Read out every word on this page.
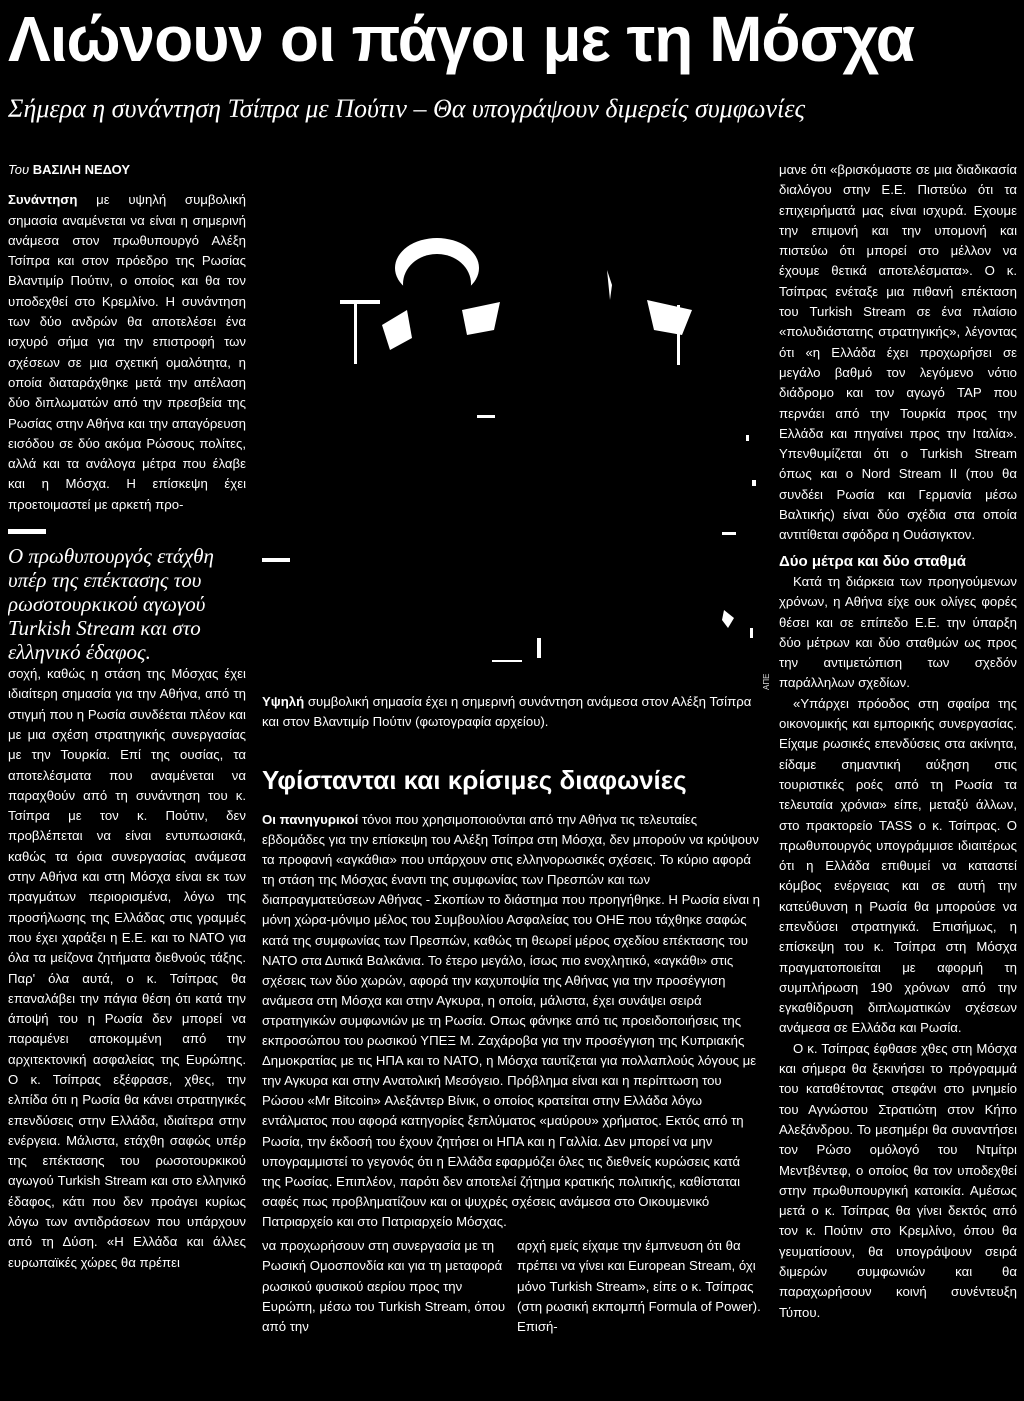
Λιώνουν οι πάγοι με τη Μόσχα
Σήμερα η συνάντηση Τσίπρα με Πούτιν – Θα υπογράψουν διμερείς συμφωνίες
Του ΒΑΣΙΛΗ ΝΕΔΟΥ

Συνάντηση με υψηλή συμβολική σημασία αναμένεται να είναι η σημερινή ανάμεσα στον πρωθυπουργό Αλέξη Τσίπρα και στον πρόεδρο της Ρωσίας Βλαντιμίρ Πούτιν, ο οποίος και θα τον υποδεχθεί στο Κρεμλίνο. Η συνάντηση των δύο ανδρών θα αποτελέσει ένα ισχυρό σήμα για την επιστροφή των σχέσεων σε μια σχετική ομαλότητα, η οποία διαταράχθηκε μετά την απέλαση δύο διπλωματών από την πρεσβεία της Ρωσίας στην Αθήνα και την απαγόρευση εισόδου σε δύο ακόμα Ρώσους πολίτες, αλλά και τα ανάλογα μέτρα που έλαβε και η Μόσχα. Η επίσκεψη έχει προετοιμαστεί με αρκετή προ-

Ο πρωθυπουργός ετάχθη υπέρ της επέκτασης του ρωσοτουρκικού αγωγού Turkish Stream και στο ελληνικό έδαφος.

σοχή, καθώς η στάση της Μόσχας έχει ιδιαίτερη σημασία για την Αθήνα, από τη στιγμή που η Ρωσία συνδέεται πλέον και με μια σχέση στρατηγικής συνεργασίας με την Τουρκία. Επί της ουσίας, τα αποτελέσματα που αναμένεται να παραχθούν από τη συνάντηση του κ. Τσίπρα με τον κ. Πούτιν, δεν προβλέπεται να είναι εντυπωσιακά, καθώς τα όρια συνεργασίας ανάμεσα στην Αθήνα και στη Μόσχα είναι εκ των πραγμάτων περιορισμένα, λόγω της προσήλωσης της Ελλάδας στις γραμμές που έχει χαράξει η Ε.Ε. και το ΝΑΤΟ για όλα τα μείζονα ζητήματα διεθνούς τάξης. Παρ' όλα αυτά, ο κ. Τσίπρας θα επαναλάβει την πάγια θέση ότι κατά την άποψή του η Ρωσία δεν μπορεί να παραμένει αποκομμένη από την αρχιτεκτονική ασφαλείας της Ευρώπης. Ο κ. Τσίπρας εξέφρασε, χθες, την ελπίδα ότι η Ρωσία θα κάνει στρατηγικές επενδύσεις στην Ελλάδα, ιδιαίτερα στην ενέργεια. Μάλιστα, ετάχθη σαφώς υπέρ της επέκτασης του ρωσοτουρκικού αγωγού Turkish Stream και στο ελληνικό έδαφος, κάτι που δεν προάγει κυρίως λόγω των αντιδράσεων που υπάρχουν από τη Δύση. «Η Ελλάδα και άλλες ευρωπαϊκές χώρες θα πρέπει

ΑΠΕ
Υψηλή συμβολική σημασία έχει η σημερινή συνάντηση ανάμεσα στον Αλέξη Τσίπρα και στον Βλαντιμίρ Πούτιν (φωτογραφία αρχείου).
Υφίστανται και κρίσιμες διαφωνίες
Οι πανηγυρικοί τόνοι που χρησιμοποιούνται από την Αθήνα τις τελευταίες εβδομάδες για την επίσκεψη του Αλέξη Τσίπρα στη Μόσχα, δεν μπορούν να κρύψουν τα προφανή «αγκάθια» που υπάρχουν στις ελληνορωσικές σχέσεις. Το κύριο αφορά τη στάση της Μόσχας έναντι της συμφωνίας των Πρεσπών και των διαπραγματεύσεων Αθήνας - Σκοπίων το διάστημα που προηγήθηκε. Η Ρωσία είναι η μόνη χώρα-μόνιμο μέλος του Συμβουλίου Ασφαλείας του ΟΗΕ που τάχθηκε σαφώς κατά της συμφωνίας των Πρεσπών, καθώς τη θεωρεί μέρος σχεδίου επέκτασης του ΝΑΤΟ στα Δυτικά Βαλκάνια. Το έτερο μεγάλο, ίσως πιο ενοχλητικό, «αγκάθι» στις σχέσεις των δύο χωρών, αφορά την καχυποψία της Αθήνας για την προσέγγιση ανάμεσα στη Μόσχα και στην Αγκυρα, η οποία, μάλιστα, έχει συνάψει σειρά στρατηγικών συμφωνιών με τη Ρωσία. Οπως φάνηκε από τις προειδοποιήσεις της εκπροσώπου του ρωσικού ΥΠΕΞ Μ. Ζαχάροβα για την προσέγγιση της Κυπριακής Δημοκρατίας με τις ΗΠΑ και το ΝΑΤΟ, η Μόσχα ταυτίζεται για πολλαπλούς λόγους με την Αγκυρα και στην Ανατολική Μεσόγειο. Πρόβλημα είναι και η περίπτωση του Ρώσου «Mr Bitcoin» Αλεξάντερ Βίνικ, ο οποίος κρατείται στην Ελλάδα λόγω εντάλματος που αφορά κατηγορίες ξεπλύματος «μαύρου» χρήματος. Εκτός από τη Ρωσία, την έκδοσή του έχουν ζητήσει οι ΗΠΑ και η Γαλλία. Δεν μπορεί να μην υπογραμμιστεί το γεγονός ότι η Ελλάδα εφαρμόζει όλες τις διεθνείς κυρώσεις κατά της Ρωσίας. Επιπλέον, παρότι δεν αποτελεί ζήτημα κρατικής πολιτικής, καθίσταται σαφές πως προβληματίζουν και οι ψυχρές σχέσεις ανάμεσα στο Οικουμενικό Πατριαρχείο και στο Πατριαρχείο Μόσχας.
να προχωρήσουν στη συνεργασία με τη Ρωσική Ομοσπονδία και για τη μεταφορά ρωσικού φυσικού αερίου προς την Ευρώπη, μέσω του Turkish Stream, όπου από την
αρχή εμείς είχαμε την έμπνευση ότι θα πρέπει να γίνει και European Stream, όχι μόνο Turkish Stream», είπε ο κ. Τσίπρας (στη ρωσική εκπομπή Formula of Power). Επισή-

μανε ότι «βρισκόμαστε σε μια διαδικασία διαλόγου στην Ε.Ε. Πιστεύω ότι τα επιχειρήματά μας είναι ισχυρά. Εχουμε την επιμονή και την υπομονή και πιστεύω ότι μπορεί στο μέλλον να έχουμε θετικά αποτελέσματα». Ο κ. Τσίπρας ενέταξε μια πιθανή επέκταση του Turkish Stream σε ένα πλαίσιο «πολυδιάστατης στρατηγικής», λέγοντας ότι «η Ελλάδα έχει προχωρήσει σε μεγάλο βαθμό τον λεγόμενο νότιο διάδρομο και τον αγωγό TAP που περνάει από την Τουρκία προς την Ελλάδα και πηγαίνει προς την Ιταλία». Υπενθυμίζεται ότι ο Turkish Stream όπως και ο Nord Stream II (που θα συνδέει Ρωσία και Γερμανία μέσω Βαλτικής) είναι δύο σχέδια στα οποία αντιτίθεται σφόδρα η Ουάσιγκτον.

Δύο μέτρα και δύο σταθμά

Κατά τη διάρκεια των προηγούμενων χρόνων, η Αθήνα είχε ουκ ολίγες φορές θέσει και σε επίπεδο Ε.Ε. την ύπαρξη δύο μέτρων και δύο σταθμών ως προς την αντιμετώπιση των σχεδόν παράλληλων σχεδίων.

«Υπάρχει πρόοδος στη σφαίρα της οικονομικής και εμπορικής συνεργασίας. Είχαμε ρωσικές επενδύσεις στα ακίνητα, είδαμε σημαντική αύξηση στις τουριστικές ροές από τη Ρωσία τα τελευταία χρόνια» είπε, μεταξύ άλλων, στο πρακτορείο TASS ο κ. Τσίπρας. Ο πρωθυπουργός υπογράμμισε ιδιαιτέρως ότι η Ελλάδα επιθυμεί να καταστεί κόμβος ενέργειας και σε αυτή την κατεύθυνση η Ρωσία θα μπορούσε να επενδύσει στρατηγικά. Επισήμως, η επίσκεψη του κ. Τσίπρα στη Μόσχα πραγματοποιείται με αφορμή τη συμπλήρωση 190 χρόνων από την εγκαθίδρυση διπλωματικών σχέσεων ανάμεσα σε Ελλάδα και Ρωσία.

Ο κ. Τσίπρας έφθασε χθες στη Μόσχα και σήμερα θα ξεκινήσει το πρόγραμμά του καταθέτοντας στεφάνι στο μνημείο του Αγνώστου Στρατιώτη στον Κήπο Αλεξάνδρου. Το μεσημέρι θα συναντήσει τον Ρώσο ομόλογό του Ντμίτρι Μεντβέντεφ, ο οποίος θα τον υποδεχθεί στην πρωθυπουργική κατοικία. Αμέσως μετά ο κ. Τσίπρας θα γίνει δεκτός από τον κ. Πούτιν στο Κρεμλίνο, όπου θα γευματίσουν, θα υπογράψουν σειρά διμερών συμφωνιών και θα παραχωρήσουν κοινή συνέντευξη Τύπου.
